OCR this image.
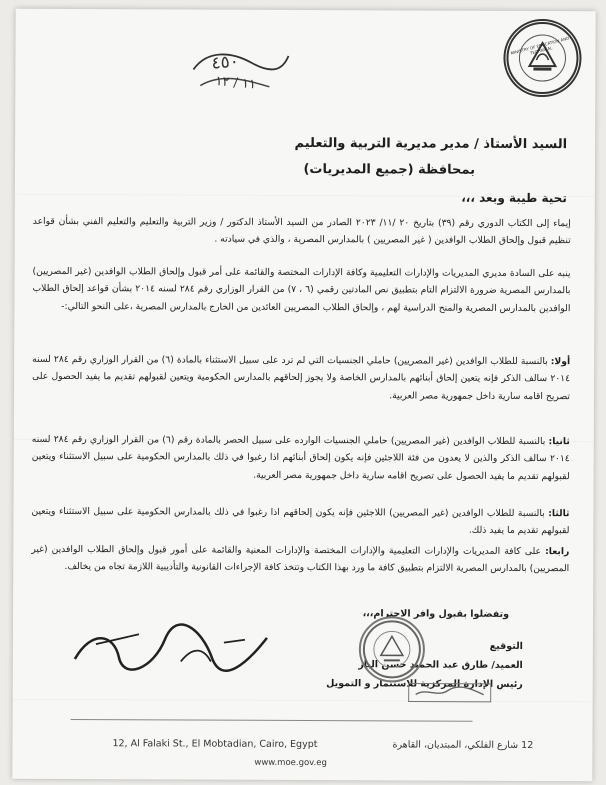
MINISTRY OF EDUCATION AND TECHNICAL
٤٥٠
١١ / ١٢
السيد الأستاذ / مدير مديرية التربية والتعليم
بمحافظة (جميع المديريات)
تحية طيبة وبعد ،،،

إيماء إلى الكتاب الدوري رقم (٣٩) بتاريخ ٢٠ /١١/ ٢٠٢٣ الصادر من السيد الأستاذ الدكتور / وزير التربية والتعليم والتعليم الفني بشأن قواعد تنظيم قبول وإلحاق الطلاب الوافدين ( غير المصريين ) بالمدارس المصرية ، والذي في سيادته .

ينبه على السادة مديري المديريات والإدارات التعليمية وكافة الإدارات المختصة والقائمة على أمر قبول وإلحاق الطلاب الوافدين (غير المصريين) بالمدارس المصرية ضرورة الالتزام التام بتطبيق نص المادتين رقمي (٦ ، ٧) من القرار الوزاري رقم ٢٨٤ لسنه ٢٠١٤ بشأن قواعد إلحاق الطلاب الوافدين بالمدارس المصرية والمنح الدراسية لهم ، وإلحاق الطلاب المصريين العائدين من الخارج بالمدارس المصرية ،على النحو التالي:-

أولا: بالنسبة للطلاب الوافدين (غير المصريين) حاملي الجنسيات التي لم ترد على سبيل الاستثناء بالمادة (٦) من القرار الوزاري رقم ٢٨٤ لسنه ٢٠١٤ سالف الذكر فإنه يتعين إلحاق أبنائهم بالمدارس الخاصة ولا يجوز إلحاقهم بالمدارس الحكومية ويتعين لقبولهم تقديم ما يفيد الحصول على تصريح اقامه سارية داخل جمهورية مصر العربية.

ثانيا: بالنسبة للطلاب الوافدين (غير المصريين) حاملي الجنسيات الوارده على سبيل الحصر بالمادة رقم (٦) من القرار الوزاري رقم ٢٨٤ لسنه ٢٠١٤ سالف الذكر والذين لا يعدون من فئة اللاجئين فإنه يكون إلحاق أبنائهم اذا رغبوا في ذلك بالمدارس الحكومية على سبيل الاستثناء ويتعين لقبولهم تقديم ما يفيد الحصول على تصريح اقامه سارية داخل جمهورية مصر العربية.

ثالثا: بالنسبة للطلاب الوافدين (غير المصريين) اللاجئين فإنه يكون إلحاقهم اذا رغبوا في ذلك بالمدارس الحكومية على سبيل الاستثناء ويتعين لقبولهم تقديم ما يفيد ذلك.

رابعا: على كافة المديريات والإدارات التعليمية والإدارات المختصة والإدارات المعنية والقائمة على أمور قبول وإلحاق الطلاب الوافدين (غير المصريين) بالمدارس المصرية الالتزام بتطبيق كافة ما ورد بهذا الكتاب وتتخذ كافة الإجراءات القانونية والتأديبية اللازمة تجاه من يخالف.

وتفضلوا بقبول وافر الاحترام،،،
التوقيع
العميد/ طارق عبد الحميد حسن الباز
رئيس الإدارة المركزية للاستثمار و التمويل
12, Al Falaki St., El Mobtadian, Cairo, Egypt	12 شارع الفلكي، المبتديان، القاهرة
www.moe.gov.eg
